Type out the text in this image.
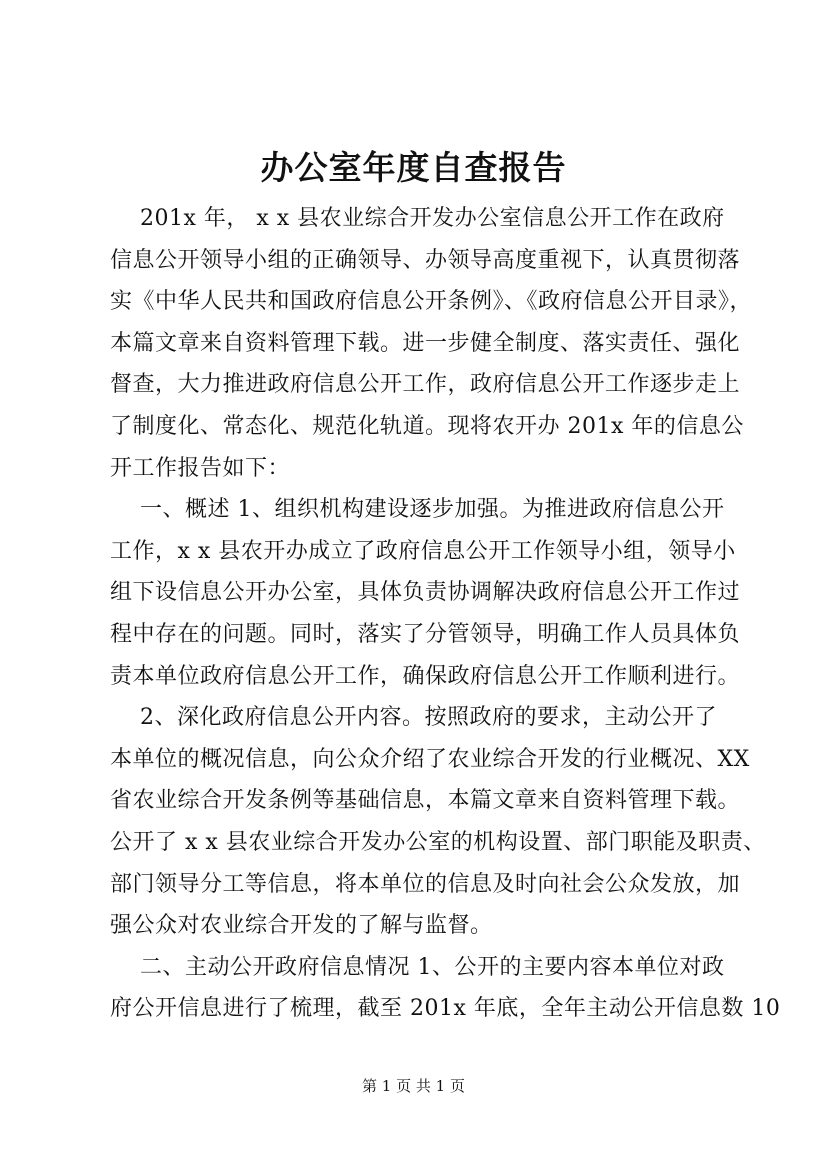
办公室年度自查报告
201x 年， x x 县农业综合开发办公室信息公开工作在政府
信息公开领导小组的正确领导、办领导高度重视下，认真贯彻落
实《中华人民共和国政府信息公开条例》、《政府信息公开目录》，
本篇文章来自资料管理下载。进一步健全制度、落实责任、强化
督查，大力推进政府信息公开工作，政府信息公开工作逐步走上
了制度化、常态化、规范化轨道。现将农开办 201x 年的信息公
开工作报告如下：
一、概述 1、组织机构建设逐步加强。为推进政府信息公开
工作，x x 县农开办成立了政府信息公开工作领导小组，领导小
组下设信息公开办公室，具体负责协调解决政府信息公开工作过
程中存在的问题。同时，落实了分管领导，明确工作人员具体负
责本单位政府信息公开工作，确保政府信息公开工作顺利进行。
2、深化政府信息公开内容。按照政府的要求，主动公开了
本单位的概况信息，向公众介绍了农业综合开发的行业概况、XX
省农业综合开发条例等基础信息，本篇文章来自资料管理下载。
公开了 x x 县农业综合开发办公室的机构设置、部门职能及职责、
部门领导分工等信息，将本单位的信息及时向社会公众发放，加
强公众对农业综合开发的了解与监督。
二、主动公开政府信息情况 1、公开的主要内容本单位对政
府公开信息进行了梳理，截至 201x 年底，全年主动公开信息数 10
第 1 页 共 1 页
